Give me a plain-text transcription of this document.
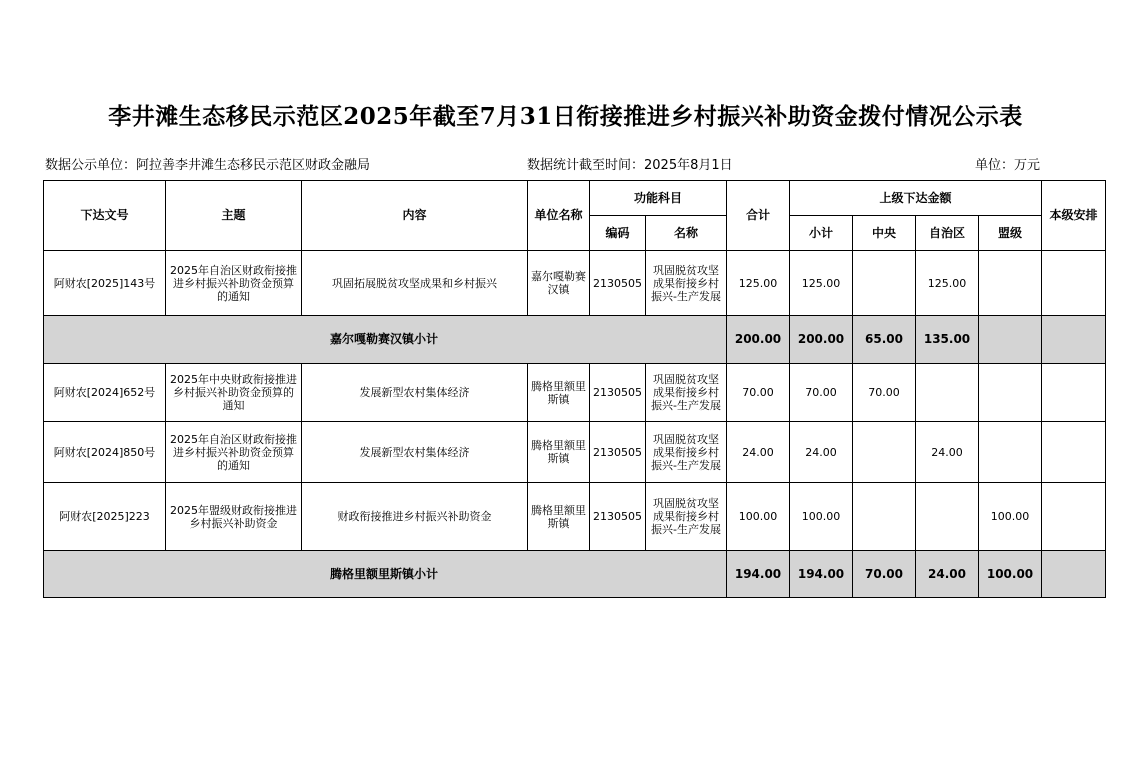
李井滩生态移民示范区2025年截至7月31日衔接推进乡村振兴补助资金拨付情况公示表
数据公示单位：阿拉善李井滩生态移民示范区财政金融局	数据统计截至时间：2025年8月1日	单位：万元
下达文号	主题	内容	单位名称	功能科目		合计	上级下达金额				本级安排
				编码	名称		小计	中央	自治区	盟级	
阿财农[2025]143号	2025年自治区财政衔接推进乡村振兴补助资金预算的通知	巩固拓展脱贫攻坚成果和乡村振兴	嘉尔嘎勒赛汉镇	2130505	巩固脱贫攻坚成果衔接乡村振兴-生产发展	125.00	125.00		125.00		
嘉尔嘎勒赛汉镇小计						200.00	200.00	65.00	135.00		
阿财农[2024]652号	2025年中央财政衔接推进乡村振兴补助资金预算的通知	发展新型农村集体经济	腾格里额里斯镇	2130505	巩固脱贫攻坚成果衔接乡村振兴-生产发展	70.00	70.00	70.00			
阿财农[2024]850号	2025年自治区财政衔接推进乡村振兴补助资金预算的通知	发展新型农村集体经济	腾格里额里斯镇	2130505	巩固脱贫攻坚成果衔接乡村振兴-生产发展	24.00	24.00		24.00		
阿财农[2025]223	2025年盟级财政衔接推进乡村振兴补助资金	财政衔接推进乡村振兴补助资金	腾格里额里斯镇	2130505	巩固脱贫攻坚成果衔接乡村振兴-生产发展	100.00	100.00			100.00	
腾格里额里斯镇小计						194.00	194.00	70.00	24.00	100.00	
